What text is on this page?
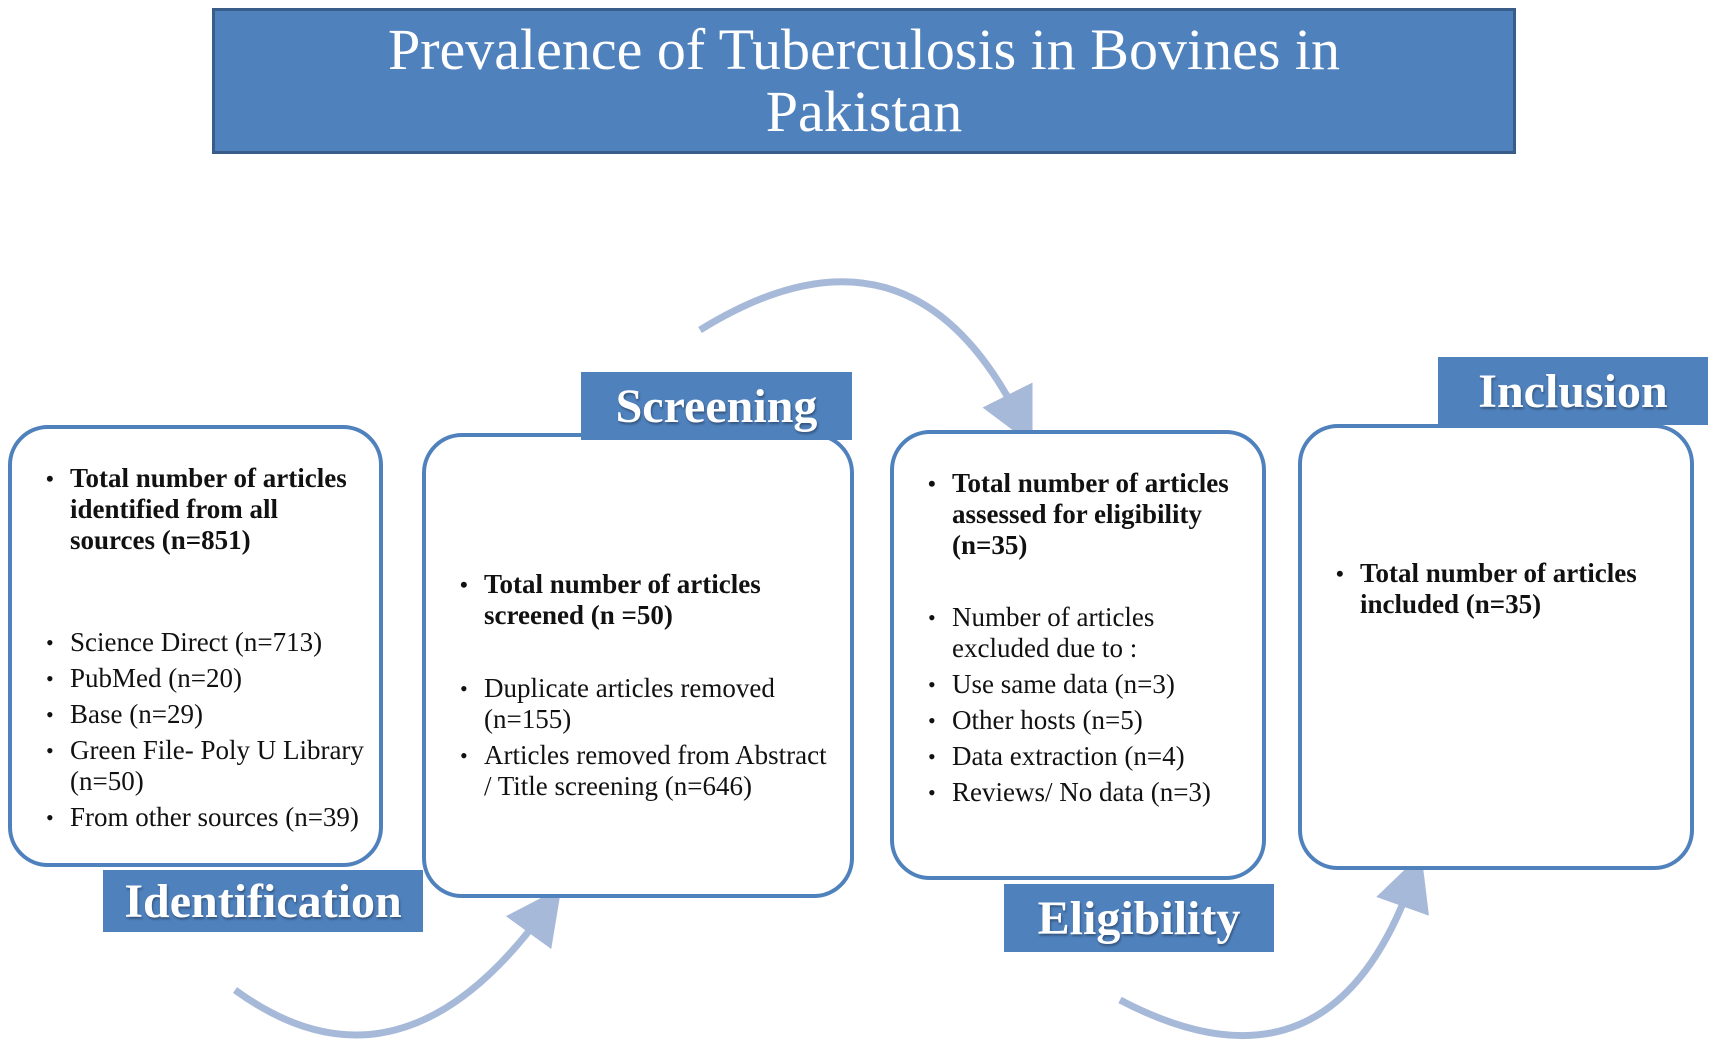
Prevalence of Tuberculosis in Bovines in Pakistan
• Total number of articles identified from all sources (n=851)
• Science Direct (n=713)
• PubMed (n=20)
• Base (n=29)
• Green File- Poly U Library (n=50)
• From other sources (n=39)
Identification
• Total number of articles screened (n =50)
• Duplicate articles removed (n=155)
• Articles removed from Abstract / Title screening (n=646)
Screening
• Total number of articles assessed for eligibility (n=35)
• Number of articles excluded due to :
• Use same data (n=3)
• Other hosts (n=5)
• Data extraction (n=4)
• Reviews/ No data (n=3)
Eligibility
• Total number of articles included (n=35)
Inclusion
